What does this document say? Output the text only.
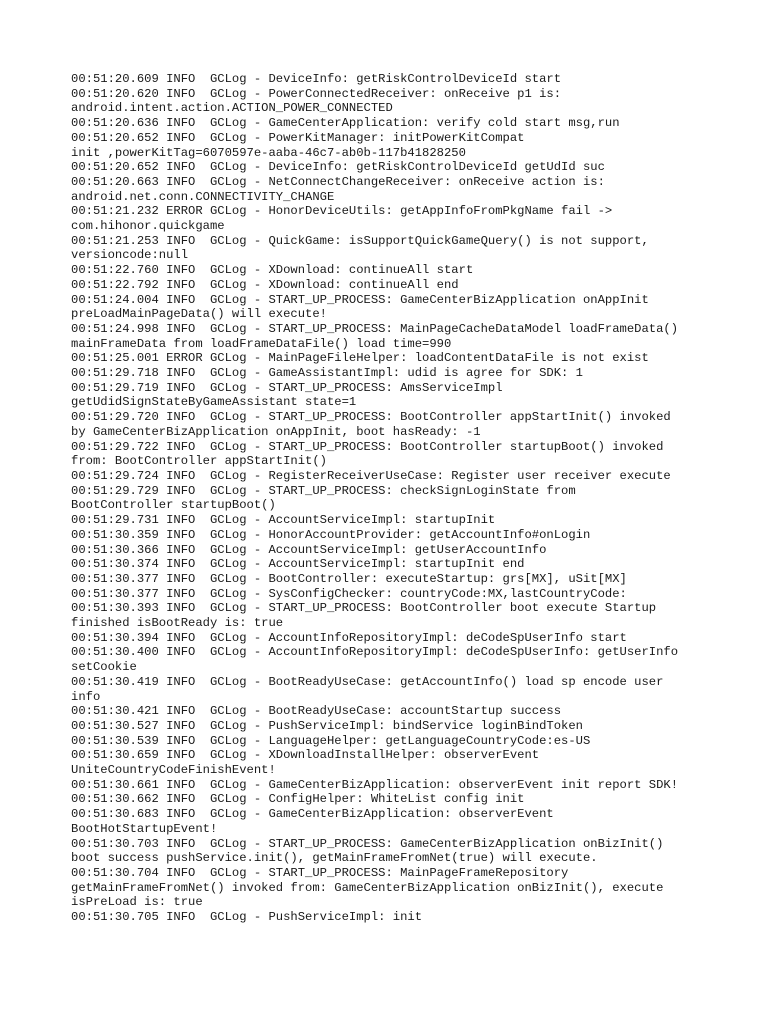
00:51:20.609 INFO  GCLog - DeviceInfo: getRiskControlDeviceId start
00:51:20.620 INFO  GCLog - PowerConnectedReceiver: onReceive p1 is:
android.intent.action.ACTION_POWER_CONNECTED
00:51:20.636 INFO  GCLog - GameCenterApplication: verify cold start msg,run
00:51:20.652 INFO  GCLog - PowerKitManager: initPowerKitCompat
init ,powerKitTag=6070597e-aaba-46c7-ab0b-117b41828250
00:51:20.652 INFO  GCLog - DeviceInfo: getRiskControlDeviceId getUdId suc
00:51:20.663 INFO  GCLog - NetConnectChangeReceiver: onReceive action is:
android.net.conn.CONNECTIVITY_CHANGE
00:51:21.232 ERROR GCLog - HonorDeviceUtils: getAppInfoFromPkgName fail ->
com.hihonor.quickgame
00:51:21.253 INFO  GCLog - QuickGame: isSupportQuickGameQuery() is not support,
versioncode:null
00:51:22.760 INFO  GCLog - XDownload: continueAll start
00:51:22.792 INFO  GCLog - XDownload: continueAll end
00:51:24.004 INFO  GCLog - START_UP_PROCESS: GameCenterBizApplication onAppInit
preLoadMainPageData() will execute!
00:51:24.998 INFO  GCLog - START_UP_PROCESS: MainPageCacheDataModel loadFrameData()
mainFrameData from loadFrameDataFile() load time=990
00:51:25.001 ERROR GCLog - MainPageFileHelper: loadContentDataFile is not exist
00:51:29.718 INFO  GCLog - GameAssistantImpl: udid is agree for SDK: 1
00:51:29.719 INFO  GCLog - START_UP_PROCESS: AmsServiceImpl
getUdidSignStateByGameAssistant state=1
00:51:29.720 INFO  GCLog - START_UP_PROCESS: BootController appStartInit() invoked
by GameCenterBizApplication onAppInit, boot hasReady: -1
00:51:29.722 INFO  GCLog - START_UP_PROCESS: BootController startupBoot() invoked
from: BootController appStartInit()
00:51:29.724 INFO  GCLog - RegisterReceiverUseCase: Register user receiver execute
00:51:29.729 INFO  GCLog - START_UP_PROCESS: checkSignLoginState from
BootController startupBoot()
00:51:29.731 INFO  GCLog - AccountServiceImpl: startupInit
00:51:30.359 INFO  GCLog - HonorAccountProvider: getAccountInfo#onLogin
00:51:30.366 INFO  GCLog - AccountServiceImpl: getUserAccountInfo
00:51:30.374 INFO  GCLog - AccountServiceImpl: startupInit end
00:51:30.377 INFO  GCLog - BootController: executeStartup: grs[MX], uSit[MX]
00:51:30.377 INFO  GCLog - SysConfigChecker: countryCode:MX,lastCountryCode:
00:51:30.393 INFO  GCLog - START_UP_PROCESS: BootController boot execute Startup
finished isBootReady is: true
00:51:30.394 INFO  GCLog - AccountInfoRepositoryImpl: deCodeSpUserInfo start
00:51:30.400 INFO  GCLog - AccountInfoRepositoryImpl: deCodeSpUserInfo: getUserInfo
setCookie
00:51:30.419 INFO  GCLog - BootReadyUseCase: getAccountInfo() load sp encode user
info
00:51:30.421 INFO  GCLog - BootReadyUseCase: accountStartup success
00:51:30.527 INFO  GCLog - PushServiceImpl: bindService loginBindToken
00:51:30.539 INFO  GCLog - LanguageHelper: getLanguageCountryCode:es-US
00:51:30.659 INFO  GCLog - XDownloadInstallHelper: observerEvent
UniteCountryCodeFinishEvent!
00:51:30.661 INFO  GCLog - GameCenterBizApplication: observerEvent init report SDK!
00:51:30.662 INFO  GCLog - ConfigHelper: WhiteList config init
00:51:30.683 INFO  GCLog - GameCenterBizApplication: observerEvent
BootHotStartupEvent!
00:51:30.703 INFO  GCLog - START_UP_PROCESS: GameCenterBizApplication onBizInit()
boot success pushService.init(), getMainFrameFromNet(true) will execute.
00:51:30.704 INFO  GCLog - START_UP_PROCESS: MainPageFrameRepository
getMainFrameFromNet() invoked from: GameCenterBizApplication onBizInit(), execute
isPreLoad is: true
00:51:30.705 INFO  GCLog - PushServiceImpl: init
